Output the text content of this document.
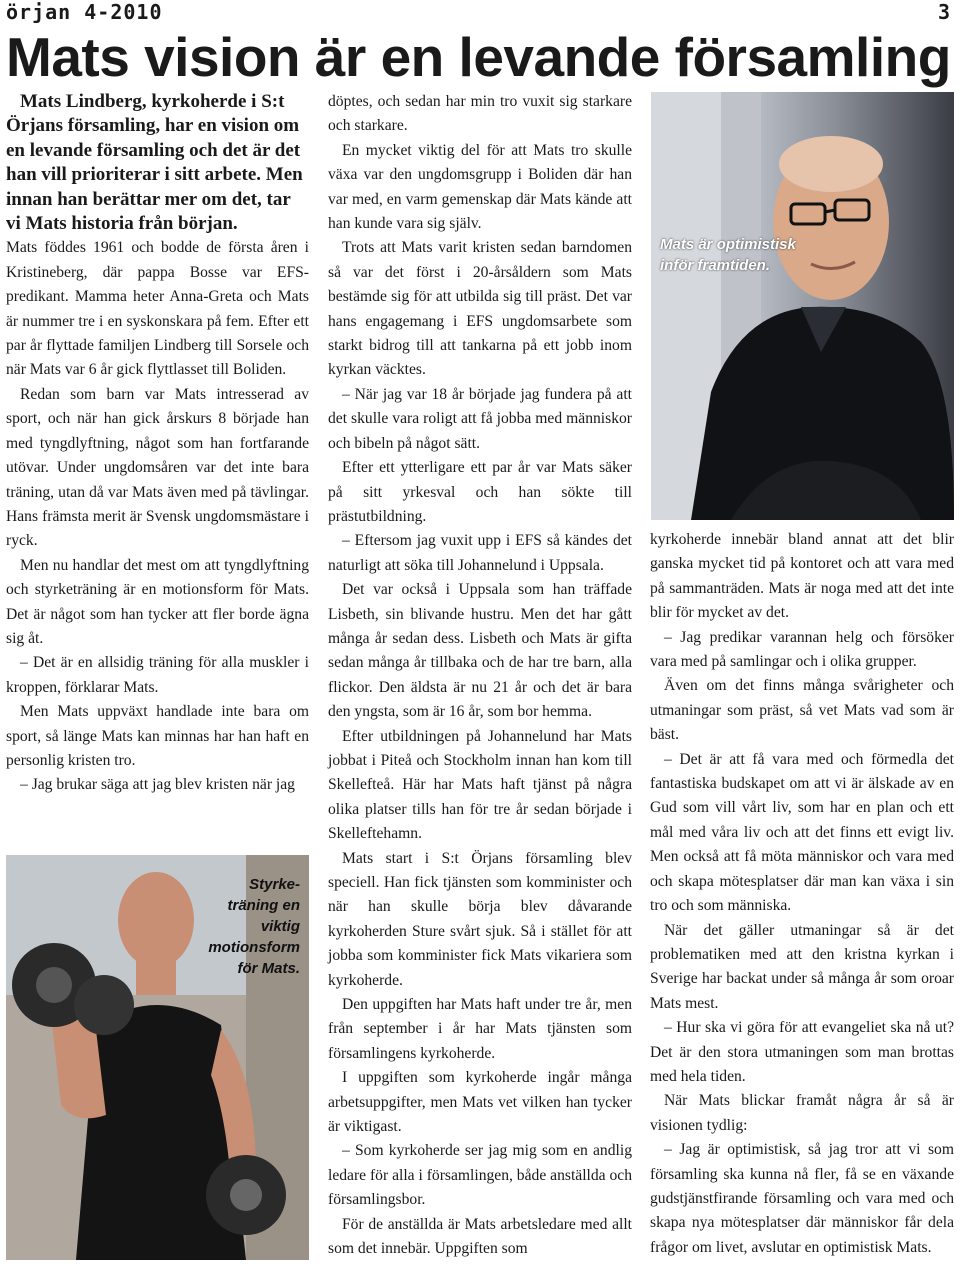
örjan 4-2010	3
Mats vision är en levande församling

Mats Lindberg, kyrkoherde i S:t Örjans församling, har en vision om en levande församling och det är det han vill prioriterar i sitt arbete. Men innan han berättar mer om det, tar vi Mats historia från början.

Mats föddes 1961 och bodde de första åren i Kristineberg, där pappa Bosse var EFS-predikant. Mamma heter Anna-Greta och Mats är nummer tre i en syskonskara på fem. Efter ett par år flyttade familjen Lindberg till Sorsele och när Mats var 6 år gick flyttlasset till Boliden.

Redan som barn var Mats intresserad av sport, och när han gick årskurs 8 började han med tyngdlyftning, något som han fortfarande utövar. Under ungdomsåren var det inte bara träning, utan då var Mats även med på tävlingar. Hans främsta merit är Svensk ungdomsmästare i ryck.

Men nu handlar det mest om att tyngdlyftning och styrketräning är en motionsform för Mats. Det är något som han tycker att fler borde ägna sig åt.

– Det är en allsidig träning för alla muskler i kroppen, förklarar Mats.

Men Mats uppväxt handlade inte bara om sport, så länge Mats kan minnas har han haft en personlig kristen tro.

– Jag brukar säga att jag blev kristen när jag

döptes, och sedan har min tro vuxit sig starkare och starkare.

En mycket viktig del för att Mats tro skulle växa var den ungdomsgrupp i Boliden där han var med, en varm gemenskap där Mats kände att han kunde vara sig själv.

Trots att Mats varit kristen sedan barndomen så var det först i 20-årsåldern som Mats bestämde sig för att utbilda sig till präst. Det var hans engagemang i EFS ungdomsarbete som starkt bidrog till att tankarna på ett jobb inom kyrkan väcktes.

– När jag var 18 år började jag fundera på att det skulle vara roligt att få jobba med människor och bibeln på något sätt.

Efter ett ytterligare ett par år var Mats säker på sitt yrkesval och han sökte till prästutbildning.

– Eftersom jag vuxit upp i EFS så kändes det naturligt att söka till Johannelund i Uppsala.

Det var också i Uppsala som han träffade Lisbeth, sin blivande hustru. Men det har gått många år sedan dess. Lisbeth och Mats är gifta sedan många år tillbaka och de har tre barn, alla flickor. Den äldsta är nu 21 år och det är bara den yngsta, som är 16 år, som bor hemma.

Efter utbildningen på Johannelund har Mats jobbat i Piteå och Stockholm innan han kom till Skellefteå. Här har Mats haft tjänst på några olika platser tills han för tre år sedan började i Skelleftehamn.

Mats start i S:t Örjans församling blev speciell. Han fick tjänsten som komminister och när han skulle börja blev dåvarande kyrkoherden Sture svårt sjuk. Så i stället för att jobba som komminister fick Mats vikariera som kyrkoherde.

Den uppgiften har Mats haft under tre år, men från september i år har Mats tjänsten som församlingens kyrkoherde.

I uppgiften som kyrkoherde ingår många arbetsuppgifter, men Mats vet vilken han tycker är viktigast.

– Som kyrkoherde ser jag mig som en andlig ledare för alla i församlingen, både anställda och församlingsbor.

För de anställda är Mats arbetsledare med allt som det innebär. Uppgiften som

kyrkoherde innebär bland annat att det blir ganska mycket tid på kontoret och att vara med på sammanträden. Mats är noga med att det inte blir för mycket av det.

– Jag predikar varannan helg och försöker vara med på samlingar och i olika grupper.

Även om det finns många svårigheter och utmaningar som präst, så vet Mats vad som är bäst.

– Det är att få vara med och förmedla det fantastiska budskapet om att vi är älskade av en Gud som vill vårt liv, som har en plan och ett mål med våra liv och att det finns ett evigt liv. Men också att få möta människor och vara med och skapa mötesplatser där man kan växa i sin tro och som människa.

När det gäller utmaningar så är det problematiken med att den kristna kyrkan i Sverige har backat under så många år som oroar Mats mest.

– Hur ska vi göra för att evangeliet ska nå ut? Det är den stora utmaningen som man brottas med hela tiden.

När Mats blickar framåt några år så är visionen tydlig:

– Jag är optimistisk, så jag tror att vi som församling ska kunna nå fler, få se en växande gudstjänstfirande församling och vara med och skapa nya mötesplatser där människor får dela frågor om livet, avslutar en optimistisk Mats.

Mats är optimistisk inför framtiden.
Styrke-träning en viktig motionsform för Mats.
